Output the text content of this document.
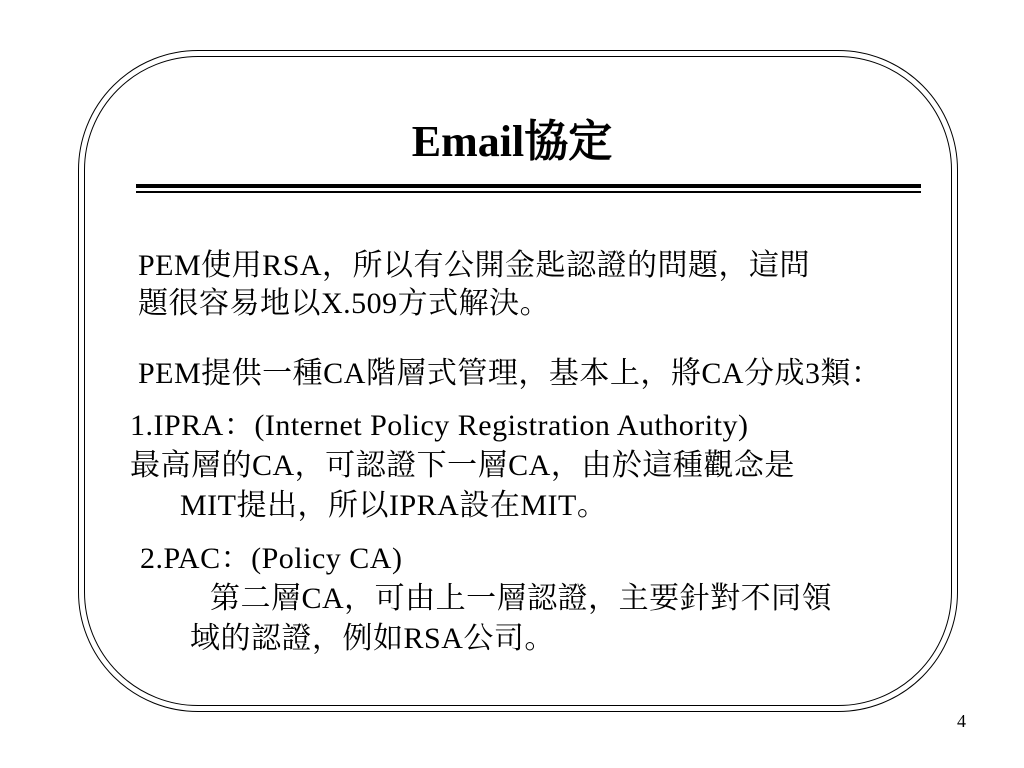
Email協定
PEM使用RSA，所以有公開金匙認證的問題，這問
題很容易地以X.509方式解決。
PEM提供一種CA階層式管理，基本上，將CA分成3類：
1.IPRA：(Internet Policy Registration Authority)
最高層的CA，可認證下一層CA，由於這種觀念是
MIT提出，所以IPRA設在MIT。
2.PAC：(Policy CA)
第二層CA，可由上一層認證，主要針對不同領
域的認證，例如RSA公司。
4
